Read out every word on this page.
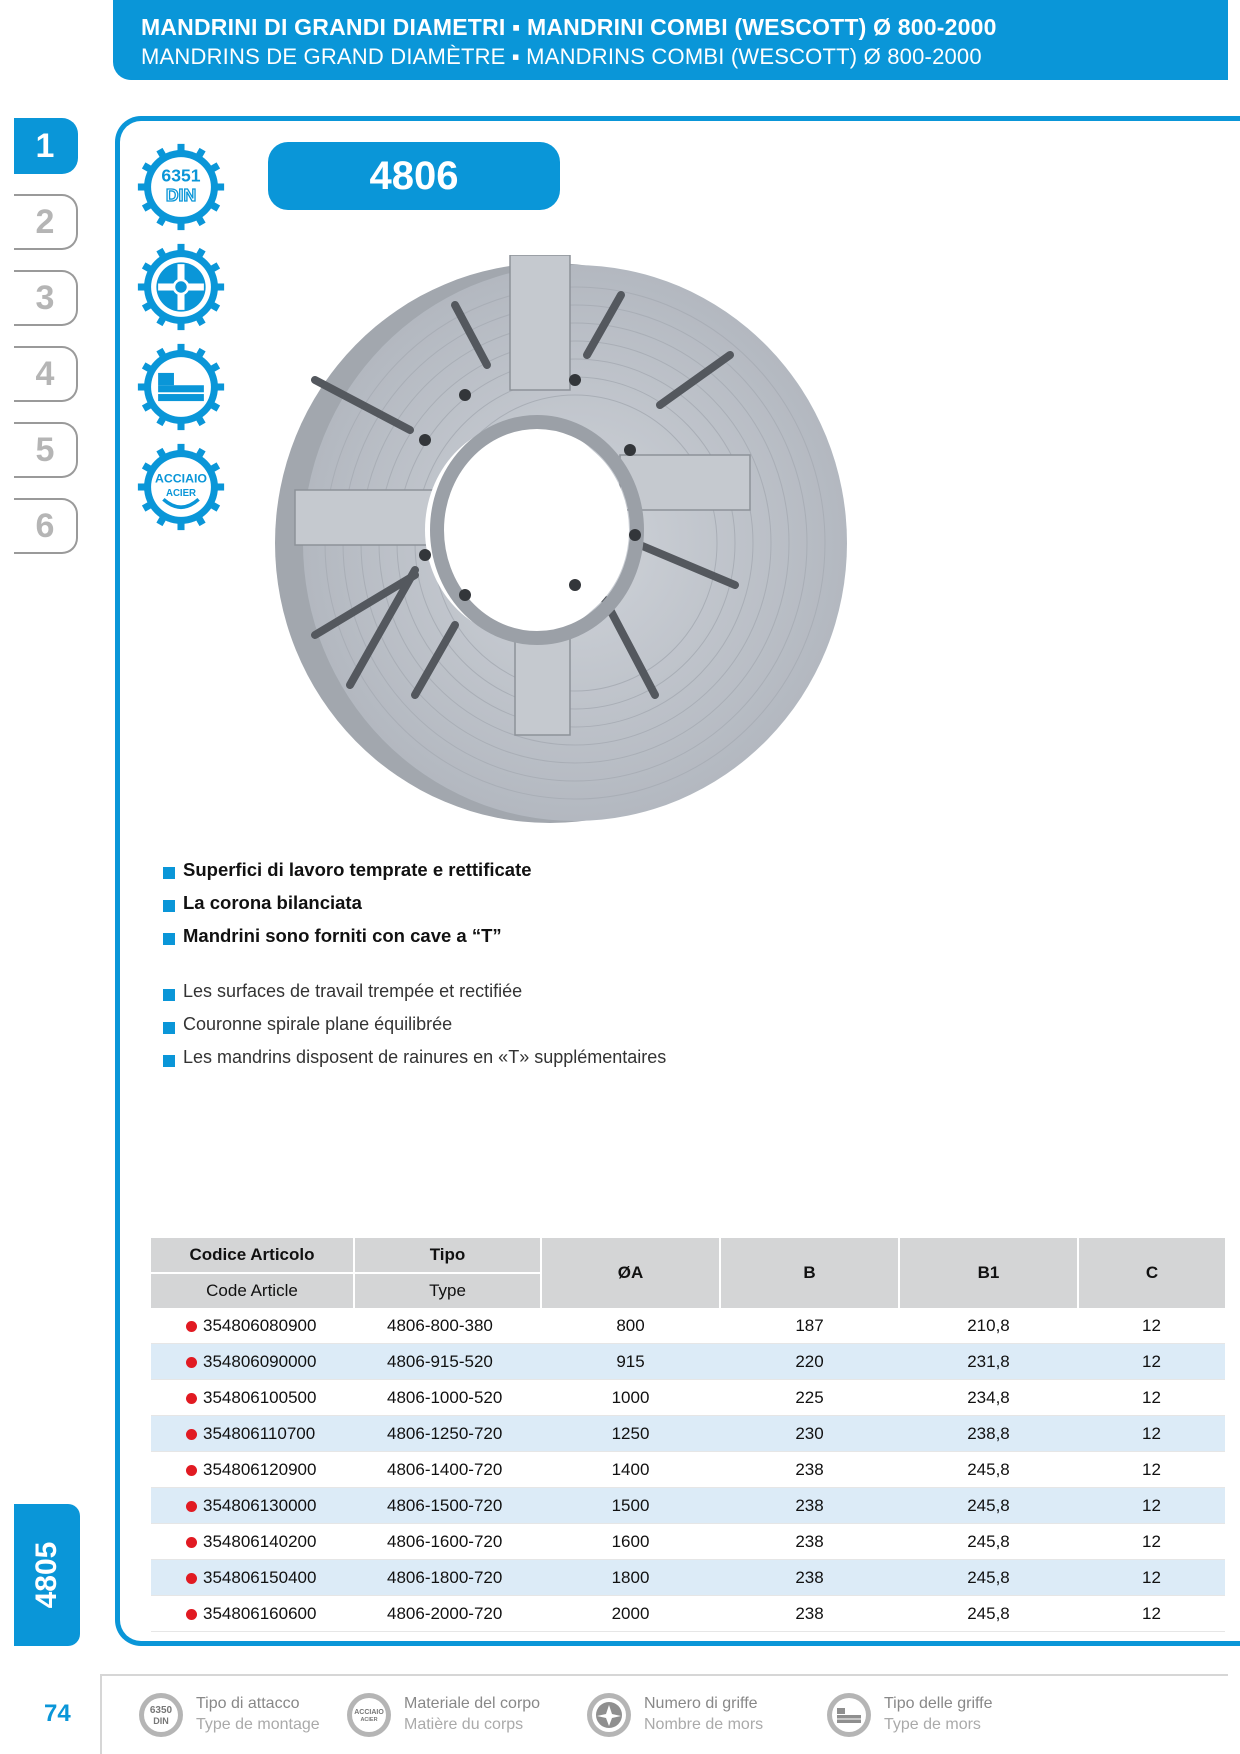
MANDRINI DI GRANDI DIAMETRI ▪ MANDRINI COMBI (WESCOTT) Ø 800-2000
MANDRINS DE GRAND DIAMÈTRE ▪ MANDRINS COMBI (WESCOTT) Ø 800-2000
1
2
3
4
5
6
4805
6351
DIN
ACCIAIO
ACIER
4806
Superfici di lavoro temprate e rettificate
La corona bilanciata
Mandrini sono forniti con cave a “T”
Les surfaces de travail trempée et rectifiée
Couronne spirale plane équilibrée
Les mandrins disposent de rainures en «T» supplémentaires
Codice Articolo	Tipo	ØA	B	B1	C
Code Article	Type				
354806080900	4806-800-380	800	187	210,8	12
354806090000	4806-915-520	915	220	231,8	12
354806100500	4806-1000-520	1000	225	234,8	12
354806110700	4806-1250-720	1250	230	238,8	12
354806120900	4806-1400-720	1400	238	245,8	12
354806130000	4806-1500-720	1500	238	245,8	12
354806140200	4806-1600-720	1600	238	245,8	12
354806150400	4806-1800-720	1800	238	245,8	12
354806160600	4806-2000-720	2000	238	245,8	12
74	6350
DIN
Tipo di attacco
Type de montage
ACCIAIO
ACIER
Materiale del corpo
Matière du corps
Numero di griffe
Nombre de mors
Tipo delle griffe
Type de mors
